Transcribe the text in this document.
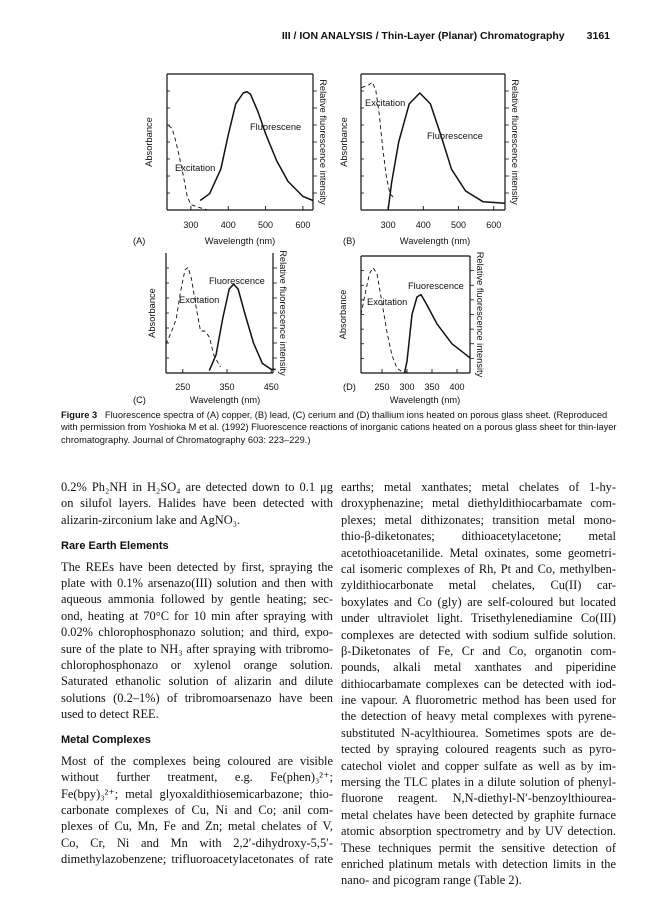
III / ION ANALYSIS / Thin-Layer (Planar) Chromatography 3161
300 400 500 600
Fluorescene
Excitation
Wavelength (nm)
(A)
Absorbance	Relative fluorescence intensity
300 400 500 600
Fluorescence
Excitation
Wavelength (nm)
(B)
Absorbance	Relative fluorescence intensity
250	350	450
Fluorescence
Excitation
Wavelength (nm)
(C)
Absorbance	Relative fluorescence intensity
250 300 350 400
Fluorescence
Excitation
Wavelength (nm)
(D)
Absorbance	Relative fluorescence intensity
Figure 3 Fluorescence spectra of (A) copper, (B) lead, (C) cerium and (D) thallium ions heated on porous glass sheet. (Reproduced with permission from Yoshioka M et al. (1992) Fluorescence reactions of inorganic cations heated on a porous glass sheet for thin-layer chromatography. Journal of Chromatography 603: 223–229.)
0.2% Ph₂NH in H₂SO₄ are detected down to 0.1 μg
on silufol layers. Halides have been detected with
alizarin-zirconium lake and AgNO₃.
Rare Earth Elements
The REEs have been detected by first, spraying the
plate with 0.1% arsenazo(III) solution and then with
aqueous ammonia followed by gentle heating; sec-
ond, heating at 70°C for 10 min after spraying with
0.02% chlorophosphonazo solution; and third, expo-
sure of the plate to NH₃ after spraying with tribromo-
chlorophosphonazo or xylenol orange solution.
Saturated ethanolic solution of alizarin and dilute
solutions (0.2–1%) of tribromoarsenazo have been
used to detect REE.
Metal Complexes
Most of the complexes being coloured are visible
without further treatment, e.g. Fe(phen)₃²⁺;
Fe(bpy)₃²⁺; metal glyoxaldithiosemicarbazone; thio-
carbonate complexes of Cu, Ni and Co; anil com-
plexes of Cu, Mn, Fe and Zn; metal chelates of V,
Co, Cr, Ni and Mn with 2,2′-dihydroxy-5,5′-
dimethylazobenzene; trifluoroacetylacetonates of rate
earths; metal xanthates; metal chelates of 1-hy-
droxyphenazine; metal diethyldithiocarbamate com-
plexes; metal dithizonates; transition metal mono-
thio-β-diketonates; dithioacetylacetone; metal
acetothioacetanilide. Metal oxinates, some geometri-
cal isomeric complexes of Rh, Pt and Co, methylben-
zyldithiocarbonate metal chelates, Cu(II) car-
boxylates and Co (gly) are self-coloured but located
under ultraviolet light. Trisethylenediamine Co(III)
complexes are detected with sodium sulfide solution.
β-Diketonates of Fe, Cr and Co, organotin com-
pounds, alkali metal xanthates and piperidine
dithiocarbamate complexes can be detected with iod-
ine vapour. A fluorometric method has been used for
the detection of heavy metal complexes with pyrene-
substituted N-acylthiourea. Sometimes spots are de-
tected by spraying coloured reagents such as pyro-
catechol violet and copper sulfate as well as by im-
mersing the TLC plates in a dilute solution of phenyl-
fluorone reagent. N,N-diethyl-N′-benzoylthiourea-
metal chelates have been detected by graphite furnace
atomic absorption spectrometry and by UV detection.
These techniques permit the sensitive detection of
enriched platinum metals with detection limits in the
nano- and picogram range (Table 2).
